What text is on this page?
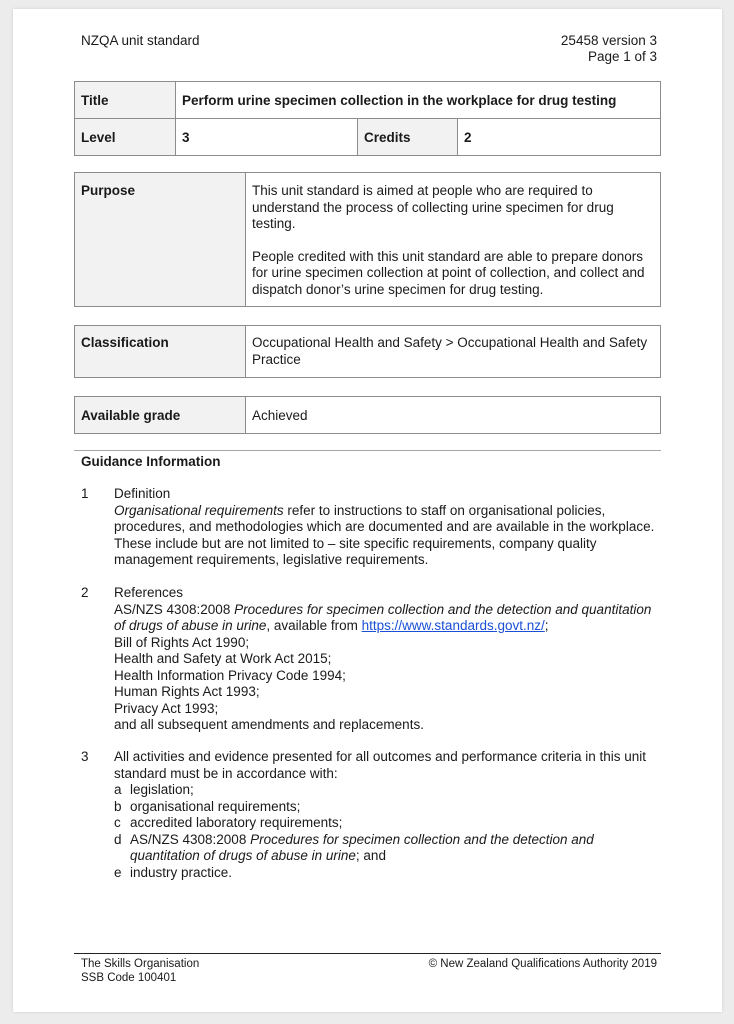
NZQA unit standard	25458 version 3
Page 1 of 3
Title	Perform urine specimen collection in the workplace for drug testing		
Level	3	Credits	2
Purpose	This unit standard is aimed at people who are required to understand the process of collecting urine specimen for drug testing.

People credited with this unit standard are able to prepare donors for urine specimen collection at point of collection, and collect and dispatch donor’s urine specimen for drug testing.

Classification	Occupational Health and Safety > Occupational Health and Safety Practice
Available grade	Achieved
Guidance Information
1 Definition
Organisational requirements refer to instructions to staff on organisational policies, procedures, and methodologies which are documented and are available in the workplace. These include but are not limited to – site specific requirements, company quality management requirements, legislative requirements.
2 References
AS/NZS 4308:2008 Procedures for specimen collection and the detection and quantitation of drugs of abuse in urine, available from https://www.standards.govt.nz/;
Bill of Rights Act 1990;
Health and Safety at Work Act 2015;
Health Information Privacy Code 1994;
Human Rights Act 1993;
Privacy Act 1993;
and all subsequent amendments and replacements.
3 All activities and evidence presented for all outcomes and performance criteria in this unit standard must be in accordance with:
a legislation;
b organisational requirements;
c accredited laboratory requirements;
d AS/NZS 4308:2008 Procedures for specimen collection and the detection and quantitation of drugs of abuse in urine; and
e industry practice.
The Skills Organisation
SSB Code 100401
© New Zealand Qualifications Authority 2019
